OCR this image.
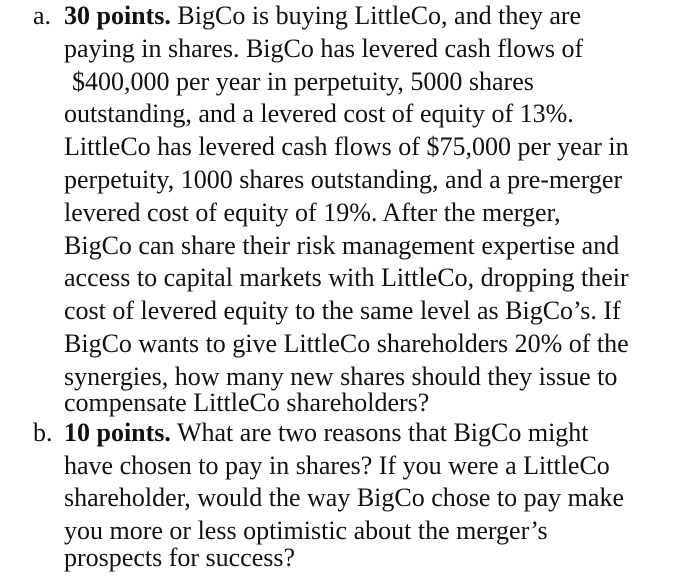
a. 30 points. BigCo is buying LittleCo, and they are
paying in shares. BigCo has levered cash flows of
$400,000 per year in perpetuity, 5000 shares
outstanding, and a levered cost of equity of 13%.
LittleCo has levered cash flows of $75,000 per year in
perpetuity, 1000 shares outstanding, and a pre-merger
levered cost of equity of 19%. After the merger,
BigCo can share their risk management expertise and
access to capital markets with LittleCo, dropping their
cost of levered equity to the same level as BigCo’s. If
BigCo wants to give LittleCo shareholders 20% of the
synergies, how many new shares should they issue to
compensate LittleCo shareholders?
b. 10 points. What are two reasons that BigCo might
have chosen to pay in shares? If you were a LittleCo
shareholder, would the way BigCo chose to pay make
you more or less optimistic about the merger’s
prospects for success?
